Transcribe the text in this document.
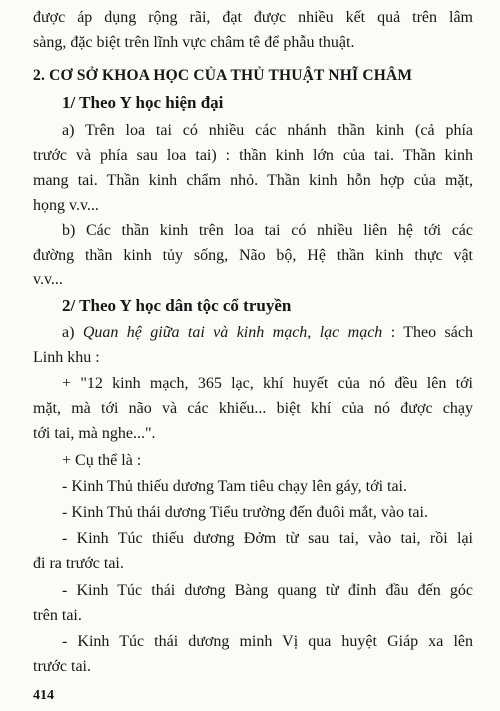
được áp dụng rộng rãi, đạt được nhiều kết quả trên lâm
sàng, đặc biệt trên lĩnh vực châm tê để phẫu thuật.
2. CƠ SỞ KHOA HỌC CỦA THỦ THUẬT NHĨ CHÂM
1/ Theo Y học hiện đại
a) Trên loa tai có nhiều các nhánh thần kinh (cả phía
trước và phía sau loa tai) : thần kinh lớn của tai. Thần kinh
mang tai. Thần kinh chẩm nhỏ. Thần kinh hỗn hợp của mặt,
họng v.v...
b) Các thần kinh trên loa tai có nhiều liên hệ tới các
đường thần kinh tủy sống, Não bộ, Hệ thần kinh thực vật
v.v...
2/ Theo Y học dân tộc cổ truyền
a) Quan hệ giữa tai và kinh mạch, lạc mạch : Theo sách
Linh khu :
+ "12 kinh mạch, 365 lạc, khí huyết của nó đều lên tới
mặt, mà tới não và các khiếu... biệt khí của nó được chạy
tới tai, mà nghe...".
+ Cụ thể là :
- Kinh Thủ thiếu dương Tam tiêu chạy lên gáy, tới tai.
- Kinh Thủ thái dương Tiểu trường đến đuôi mắt, vào tai.
- Kinh Túc thiếu dương Đởm từ sau tai, vào tai, rồi lại
đi ra trước tai.
- Kinh Túc thái dương Bàng quang từ đỉnh đầu đến góc
trên tai.
- Kinh Túc thái dương minh Vị qua huyệt Giáp xa lên
trước tai.
414
